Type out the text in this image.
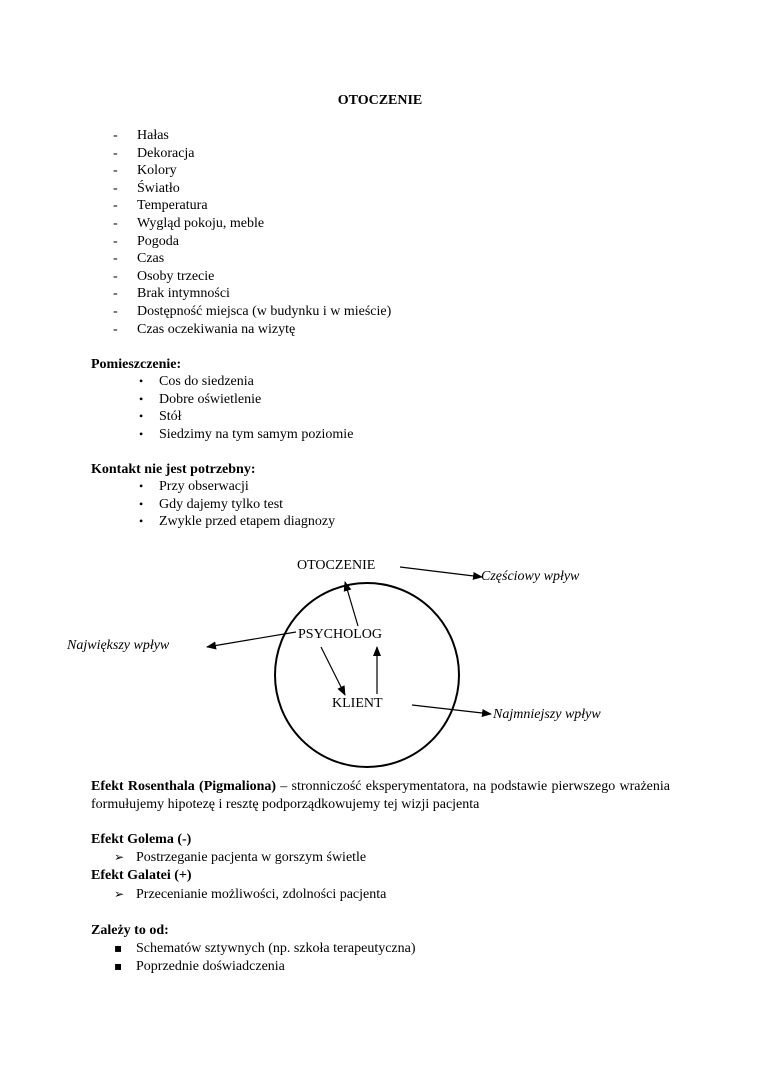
OTOCZENIE
- Hałas
- Dekoracja
- Kolory
- Światło
- Temperatura
- Wygląd pokoju, meble
- Pogoda
- Czas
- Osoby trzecie
- Brak intymności
- Dostępność miejsca (w budynku i w mieście)
- Czas oczekiwania na wizytę
Pomieszczenie:
• Cos do siedzenia
• Dobre oświetlenie
• Stół
• Siedzimy na tym samym poziomie
Kontakt nie jest potrzebny:
• Przy obserwacji
• Gdy dajemy tylko test
• Zwykle przed etapem diagnozy
OTOCZENIE
PSYCHOLOG
KLIENT
Częściowy wpływ
Największy wpływ
Najmniejszy wpływ
Efekt Rosenthala (Pigmaliona) – stronniczość eksperymentatora, na podstawie pierwszego wrażenia formułujemy hipotezę i resztę podporządkowujemy tej wizji pacjenta
Efekt Golema (-)
➢ Postrzeganie pacjenta w gorszym świetle
Efekt Galatei (+)
➢ Przecenianie możliwości, zdolności pacjenta
Zależy to od:
▪ Schematów sztywnych (np. szkoła terapeutyczna)
▪ Poprzednie doświadczenia
